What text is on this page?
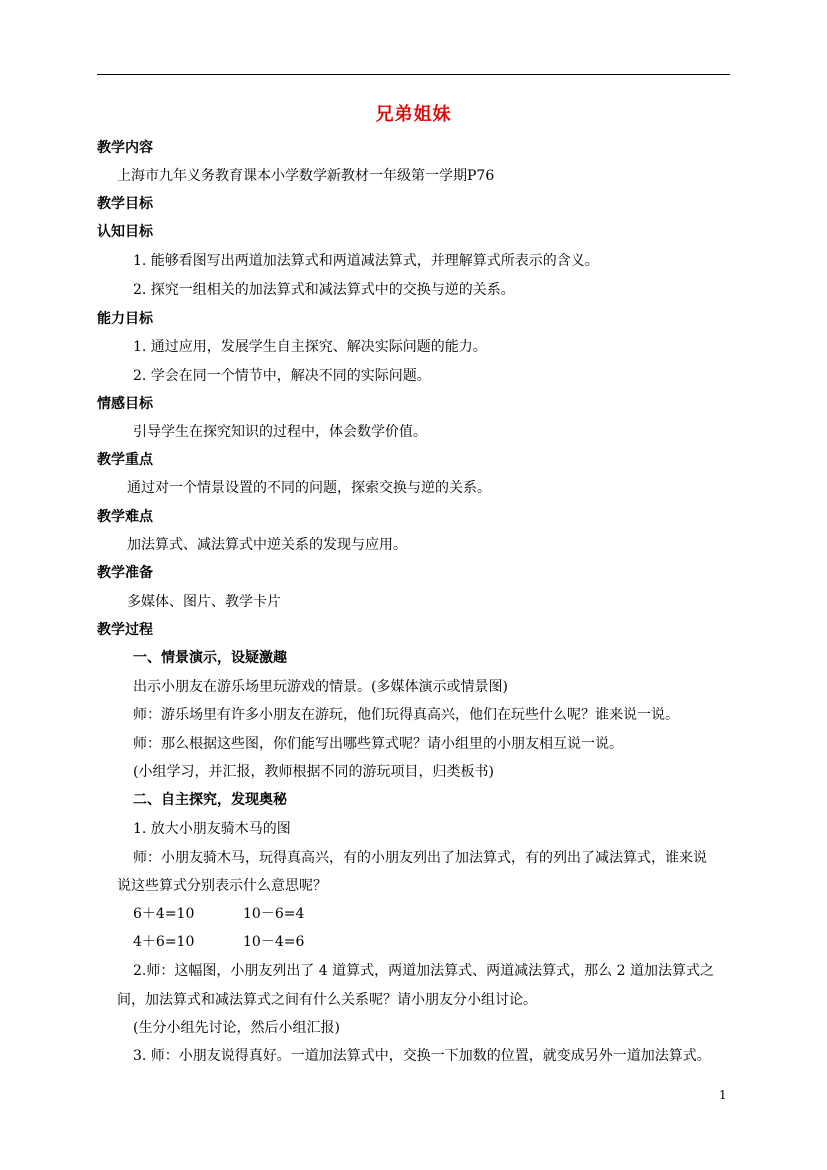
兄弟姐妹
教学内容
上海市九年义务教育课本小学数学新教材一年级第一学期P76
教学目标
认知目标
1. 能够看图写出两道加法算式和两道减法算式，并理解算式所表示的含义。
2. 探究一组相关的加法算式和减法算式中的交换与逆的关系。
能力目标
1. 通过应用，发展学生自主探究、解决实际问题的能力。
2. 学会在同一个情节中，解决不同的实际问题。
情感目标
引导学生在探究知识的过程中，体会数学价值。
教学重点
通过对一个情景设置的不同的问题，探索交换与逆的关系。
教学难点
加法算式、减法算式中逆关系的发现与应用。
教学准备
多媒体、图片、教学卡片
教学过程
一、情景演示，设疑激趣
出示小朋友在游乐场里玩游戏的情景。(多媒体演示或情景图)
师：游乐场里有许多小朋友在游玩，他们玩得真高兴，他们在玩些什么呢？谁来说一说。
师：那么根据这些图，你们能写出哪些算式呢？请小组里的小朋友相互说一说。
(小组学习，并汇报，教师根据不同的游玩项目，归类板书)
二、自主探究，发现奥秘
1. 放大小朋友骑木马的图
师：小朋友骑木马，玩得真高兴，有的小朋友列出了加法算式，有的列出了减法算式，谁来说
说这些算式分别表示什么意思呢？
6＋4=10	10－6=4
4＋6=10	10－4=6
2.师：这幅图，小朋友列出了 4 道算式，两道加法算式、两道减法算式，那么 2 道加法算式之
间，加法算式和减法算式之间有什么关系呢？请小朋友分小组讨论。
(生分小组先讨论，然后小组汇报)
3. 师：小朋友说得真好。一道加法算式中，交换一下加数的位置，就变成另外一道加法算式。
1
